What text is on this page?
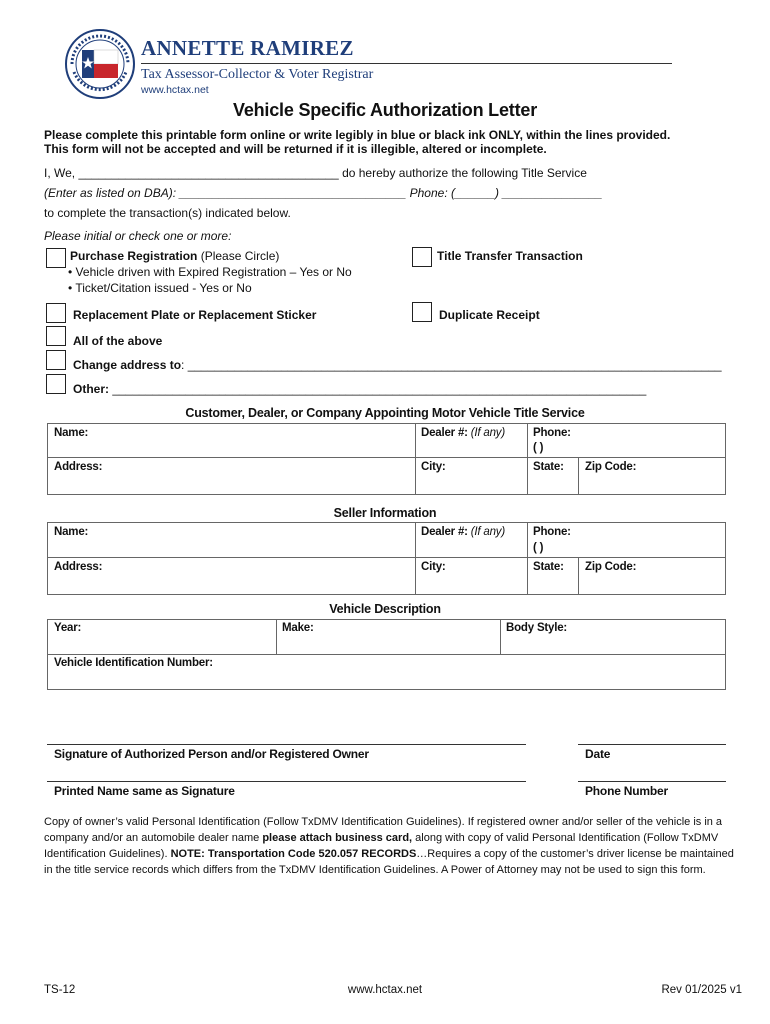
ANNETTE RAMIREZ
Tax Assessor-Collector & Voter Registrar
www.hctax.net
Vehicle Specific Authorization Letter
Please complete this printable form online or write legibly in blue or black ink ONLY, within the lines provided.
This form will not be accepted and will be returned if it is illegible, altered or incomplete.
I, We, _______________________________________ do hereby authorize the following Title Service
(Enter as listed on DBA): __________________________________ Phone: (______) _______________
to complete the transaction(s) indicated below.
Please initial or check one or more:
Purchase Registration (Please Circle)
• Vehicle driven with Expired Registration – Yes or No
• Ticket/Citation issued - Yes or No
Title Transfer Transaction
Replacement Plate or Replacement Sticker	Duplicate Receipt
All of the above
Change address to: ________________________________________________________________________________
Other: ________________________________________________________________________________
Customer, Dealer, or Company Appointing Motor Vehicle Title Service
Name:	Dealer #: (If any) Phone:
( )
Address:	City:	State: Zip Code:
Seller Information
Name:	Dealer #: (If any) Phone:
( )
Address:	City:	State: Zip Code:
Vehicle Description
Year:	Make:	Body Style:
Vehicle Identification Number:
Signature of Authorized Person and/or Registered Owner	Date
Printed Name same as Signature	Phone Number
Copy of owner’s valid Personal Identification (Follow TxDMV Identification Guidelines). If registered owner and/or seller of the vehicle is in a company and/or an automobile dealer name please attach business card, along with copy of valid Personal Identification (Follow TxDMV Identification Guidelines). NOTE: Transportation Code 520.057 RECORDS…Requires a copy of the customer’s driver license be maintained in the title service records which differs from the TxDMV Identification Guidelines. A Power of Attorney may not be used to sign this form.
TS-12	www.hctax.net	Rev 01/2025 v1
